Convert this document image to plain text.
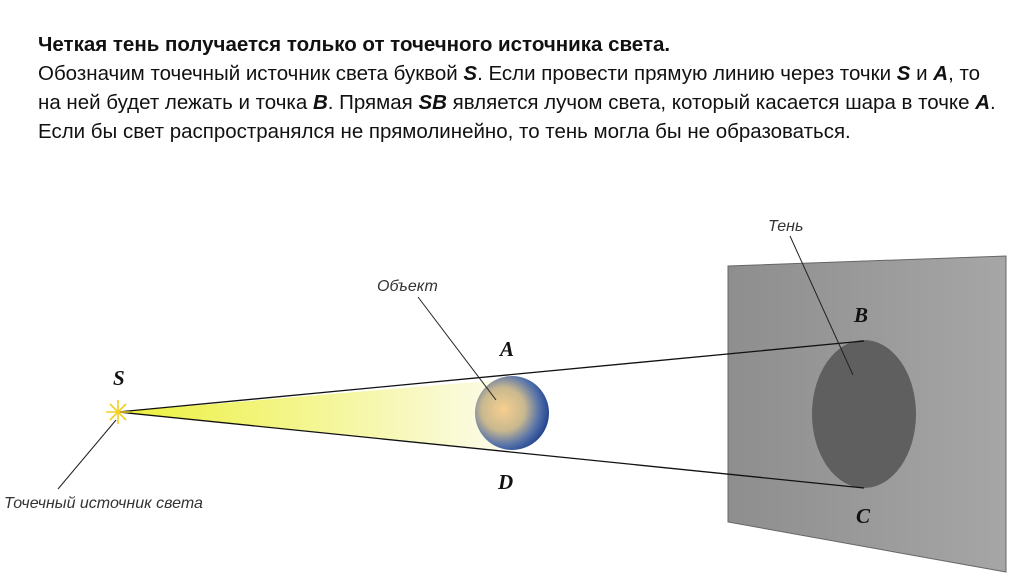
Четкая тень получается только от точечного источника света.

Обозначим точечный источник света буквой S. Если провести прямую линию через точки S и A, то на ней будет лежать и точка B. Прямая SB является лучом света, который касается шара в точке A. Если бы свет распространялся не прямолинейно, то тень могла бы не образоваться.

Точечный источник света
Объект
Тень
S
A
B
C
D
